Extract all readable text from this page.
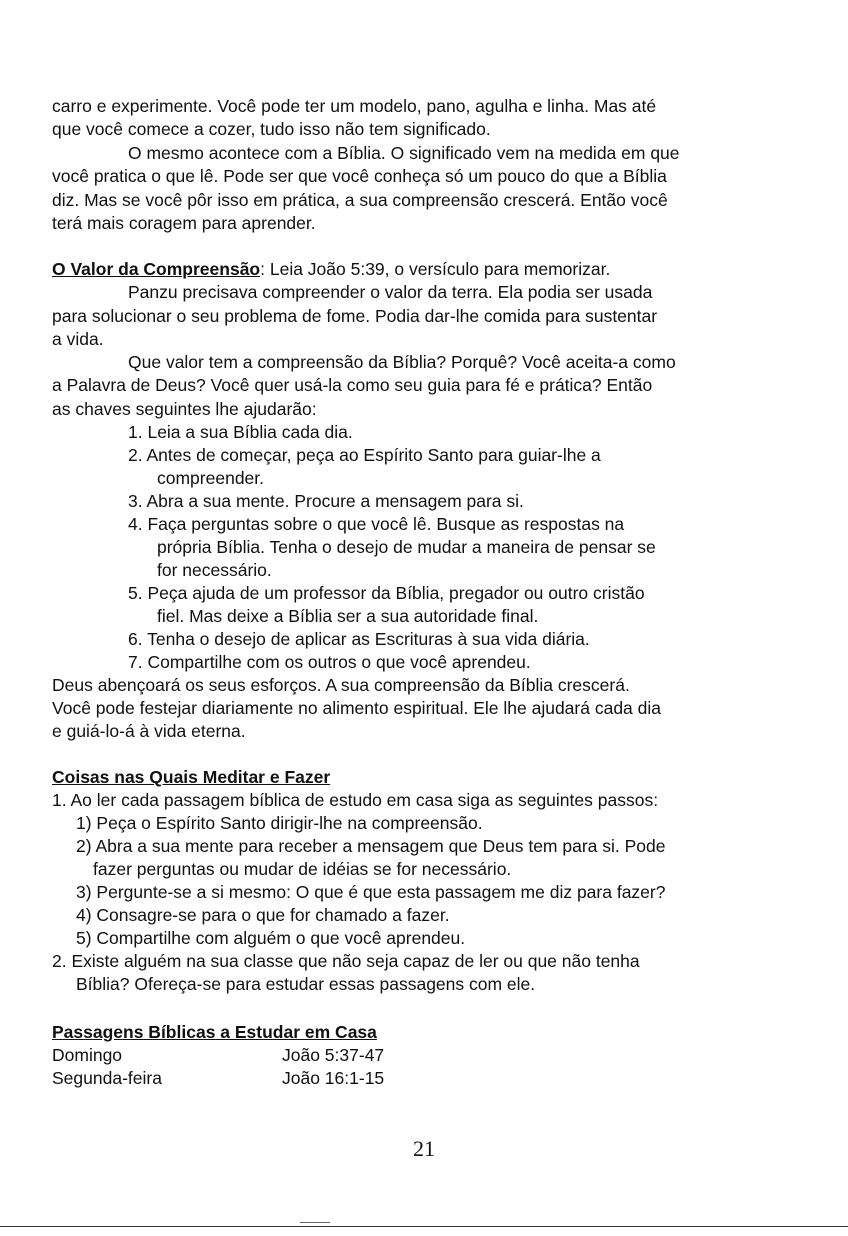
carro e experimente. Você pode ter um modelo, pano, agulha e linha. Mas até
que você comece a cozer, tudo isso não tem significado.
O mesmo acontece com a Bíblia. O significado vem na medida em que
você pratica o que lê. Pode ser que você conheça só um pouco do que a Bíblia
diz. Mas se você pôr isso em prática, a sua compreensão crescerá. Então você
terá mais coragem para aprender.
O Valor da Compreensão: Leia João 5:39, o versículo para memorizar.
Panzu precisava compreender o valor da terra. Ela podia ser usada
para solucionar o seu problema de fome. Podia dar-lhe comida para sustentar
a vida.
Que valor tem a compreensão da Bíblia? Porquê? Você aceita-a como
a Palavra de Deus? Você quer usá-la como seu guia para fé e prática? Então
as chaves seguintes lhe ajudarão:
1. Leia a sua Bíblia cada dia.
2. Antes de começar, peça ao Espírito Santo para guiar-lhe a
compreender.
3. Abra a sua mente. Procure a mensagem para si.
4. Faça perguntas sobre o que você lê. Busque as respostas na
própria Bíblia. Tenha o desejo de mudar a maneira de pensar se
for necessário.
5. Peça ajuda de um professor da Bíblia, pregador ou outro cristão
fiel. Mas deixe a Bíblia ser a sua autoridade final.
6. Tenha o desejo de aplicar as Escrituras à sua vida diária.
7. Compartilhe com os outros o que você aprendeu.
Deus abençoará os seus esforços. A sua compreensão da Bíblia crescerá.
Você pode festejar diariamente no alimento espiritual. Ele lhe ajudará cada dia
e guiá-lo-á à vida eterna.
Coisas nas Quais Meditar e Fazer
1. Ao ler cada passagem bíblica de estudo em casa siga as seguintes passos:
1) Peça o Espírito Santo dirigir-lhe na compreensão.
2) Abra a sua mente para receber a mensagem que Deus tem para si. Pode
fazer perguntas ou mudar de idéias se for necessário.
3) Pergunte-se a si mesmo: O que é que esta passagem me diz para fazer?
4) Consagre-se para o que for chamado a fazer.
5) Compartilhe com alguém o que você aprendeu.
2. Existe alguém na sua classe que não seja capaz de ler ou que não tenha
Bíblia? Ofereça-se para estudar essas passagens com ele.
Passagens Bíblicas a Estudar em Casa
Domingo	João 5:37-47
Segunda-feira	João 16:1-15
21
